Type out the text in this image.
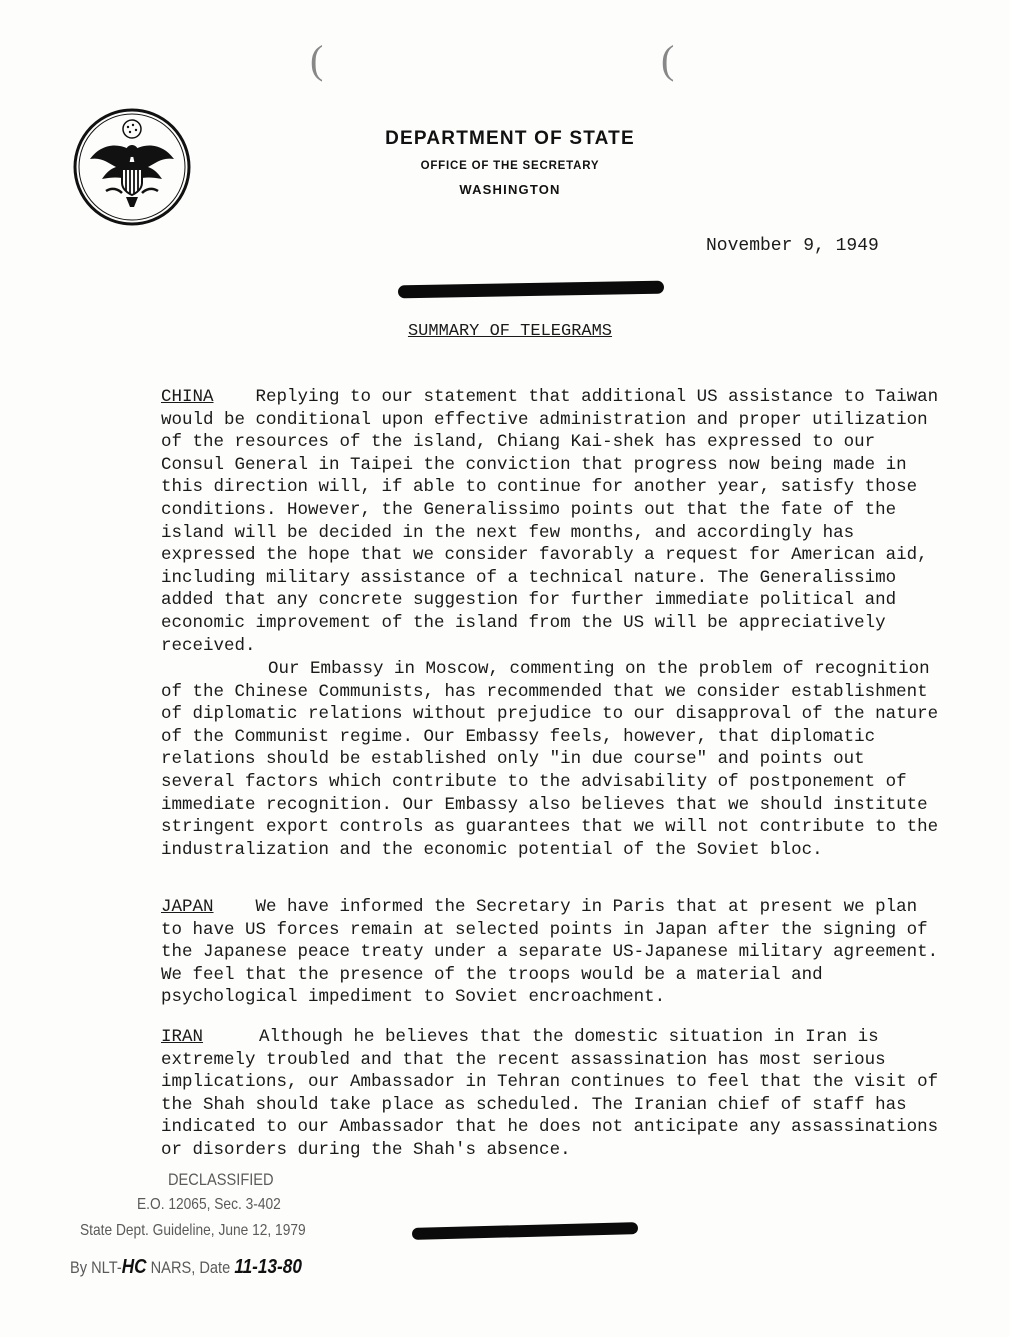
(	(
DEPARTMENT OF STATE
OFFICE OF THE SECRETARY
WASHINGTON
November 9, 1949
SUMMARY OF TELEGRAMS

CHINA Replying to our statement that additional US assistance to Taiwan would be conditional upon effective administration and proper utilization of the resources of the island, Chiang Kai-shek has expressed to our Consul General in Taipei the conviction that progress now being made in this direction will, if able to continue for another year, satisfy those conditions. However, the Generalissimo points out that the fate of the island will be decided in the next few months, and accordingly has expressed the hope that we consider favorably a request for American aid, including military assistance of a technical nature. The Generalissimo added that any concrete suggestion for further immediate political and economic improvement of the island from the US will be appreciatively received.

Our Embassy in Moscow, commenting on the problem of recognition of the Chinese Communists, has recommended that we consider establishment of diplomatic relations without prejudice to our disapproval of the nature of the Communist regime. Our Embassy feels, however, that diplomatic relations should be established only "in due course" and points out several factors which contribute to the advisability of postponement of immediate recognition. Our Embassy also believes that we should institute stringent export controls as guarantees that we will not contribute to the industralization and the economic potential of the Soviet bloc.

JAPAN We have informed the Secretary in Paris that at present we plan to have US forces remain at selected points in Japan after the signing of the Japanese peace treaty under a separate US-Japanese military agreement. We feel that the presence of the troops would be a material and psychological impediment to Soviet encroachment.

IRAN	Although he believes that the domestic situation in Iran is extremely troubled and that the recent assassination has most serious implications, our Ambassador in Tehran continues to feel that the visit of the Shah should take place as scheduled. The Iranian chief of staff has indicated to our Ambassador that he does not anticipate any assassinations or disorders during the Shah's absence.

DECLASSIFIED
E.O. 12065, Sec. 3-402
State Dept. Guideline, June 12, 1979
By NLT-HC NARS, Date 11-13-80
